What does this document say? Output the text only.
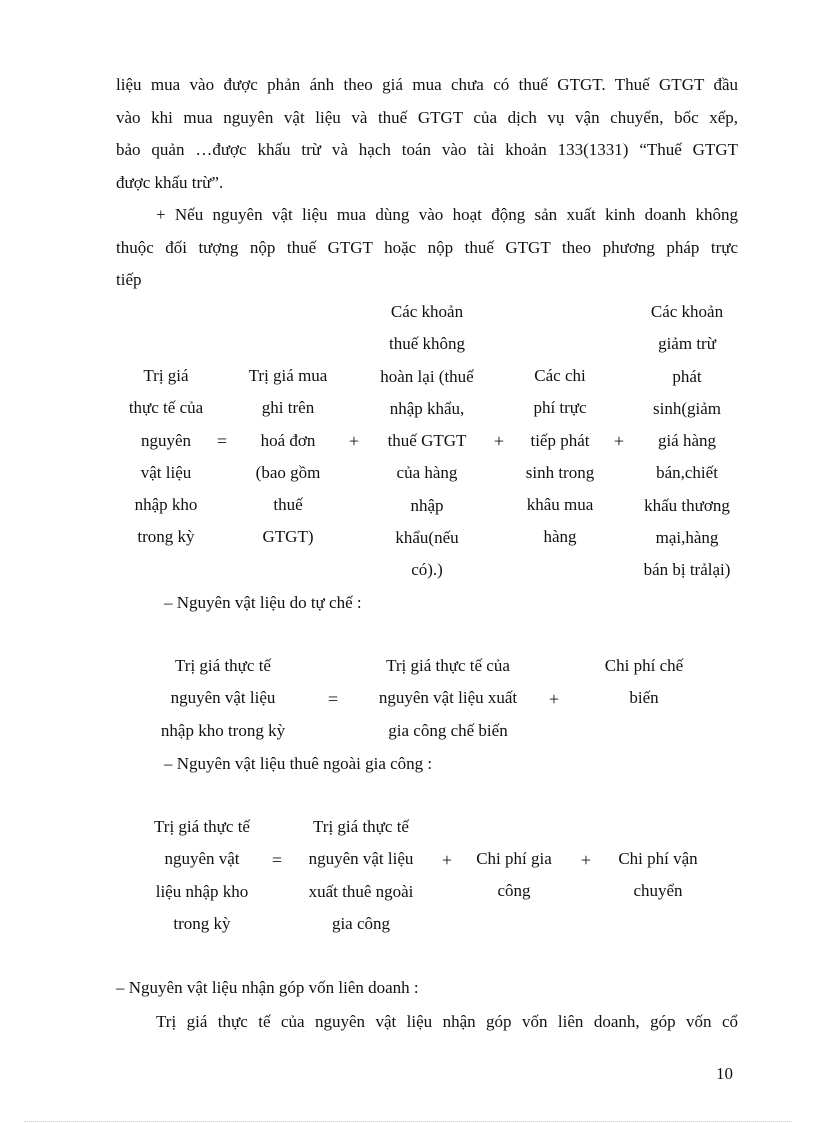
liệu mua vào được phản ánh theo giá mua chưa có thuế GTGT. Thuế GTGT đầu
vào khi mua nguyên vật liệu và thuế GTGT của dịch vụ vận chuyển, bốc xếp,
bảo quản …được khấu trừ và hạch toán vào tài khoản 133(1331) “Thuế GTGT
được khấu trừ”.
+ Nếu nguyên vật liệu mua dùng vào hoạt động sản xuất kinh doanh không
thuộc đối tượng nộp thuế GTGT hoặc nộp thuế GTGT theo phương pháp trực
tiếp
Trị giá
thực tế của
nguyên
vật liệu
nhập kho
trong kỳ
=
Trị giá mua
ghi trên
hoá đơn
(bao gồm
thuế
GTGT)
+
Các khoản
thuế không
hoàn lại (thuế
nhập khẩu,
thuế GTGT
của hàng
nhập
khẩu(nếu
có).)
+
Các chi
phí trực
tiếp phát
sinh trong
khâu mua
hàng
+
Các khoản
giảm trừ
phát
sinh(giảm
giá hàng
bán,chiết
khấu thương
mại,hàng
bán bị trảlại)
– Nguyên vật liệu do tự chế :
Trị giá thực tế
nguyên vật liệu
nhập kho trong kỳ
=
Trị giá thực tế của
nguyên vật liệu xuất
gia công chế biến
+
Chi phí chế
biến
– Nguyên vật liệu thuê ngoài gia công :
Trị giá thực tế
nguyên vật
liệu nhập kho
trong kỳ
=
Trị giá thực tế
nguyên vật liệu
xuất thuê ngoài
gia công
+	Chi phí gia
công
+	Chi phí vận
chuyển
– Nguyên vật liệu nhận góp vốn liên doanh :
Trị giá thực tế của nguyên vật liệu nhận góp vốn liên doanh, góp vốn cổ
10
